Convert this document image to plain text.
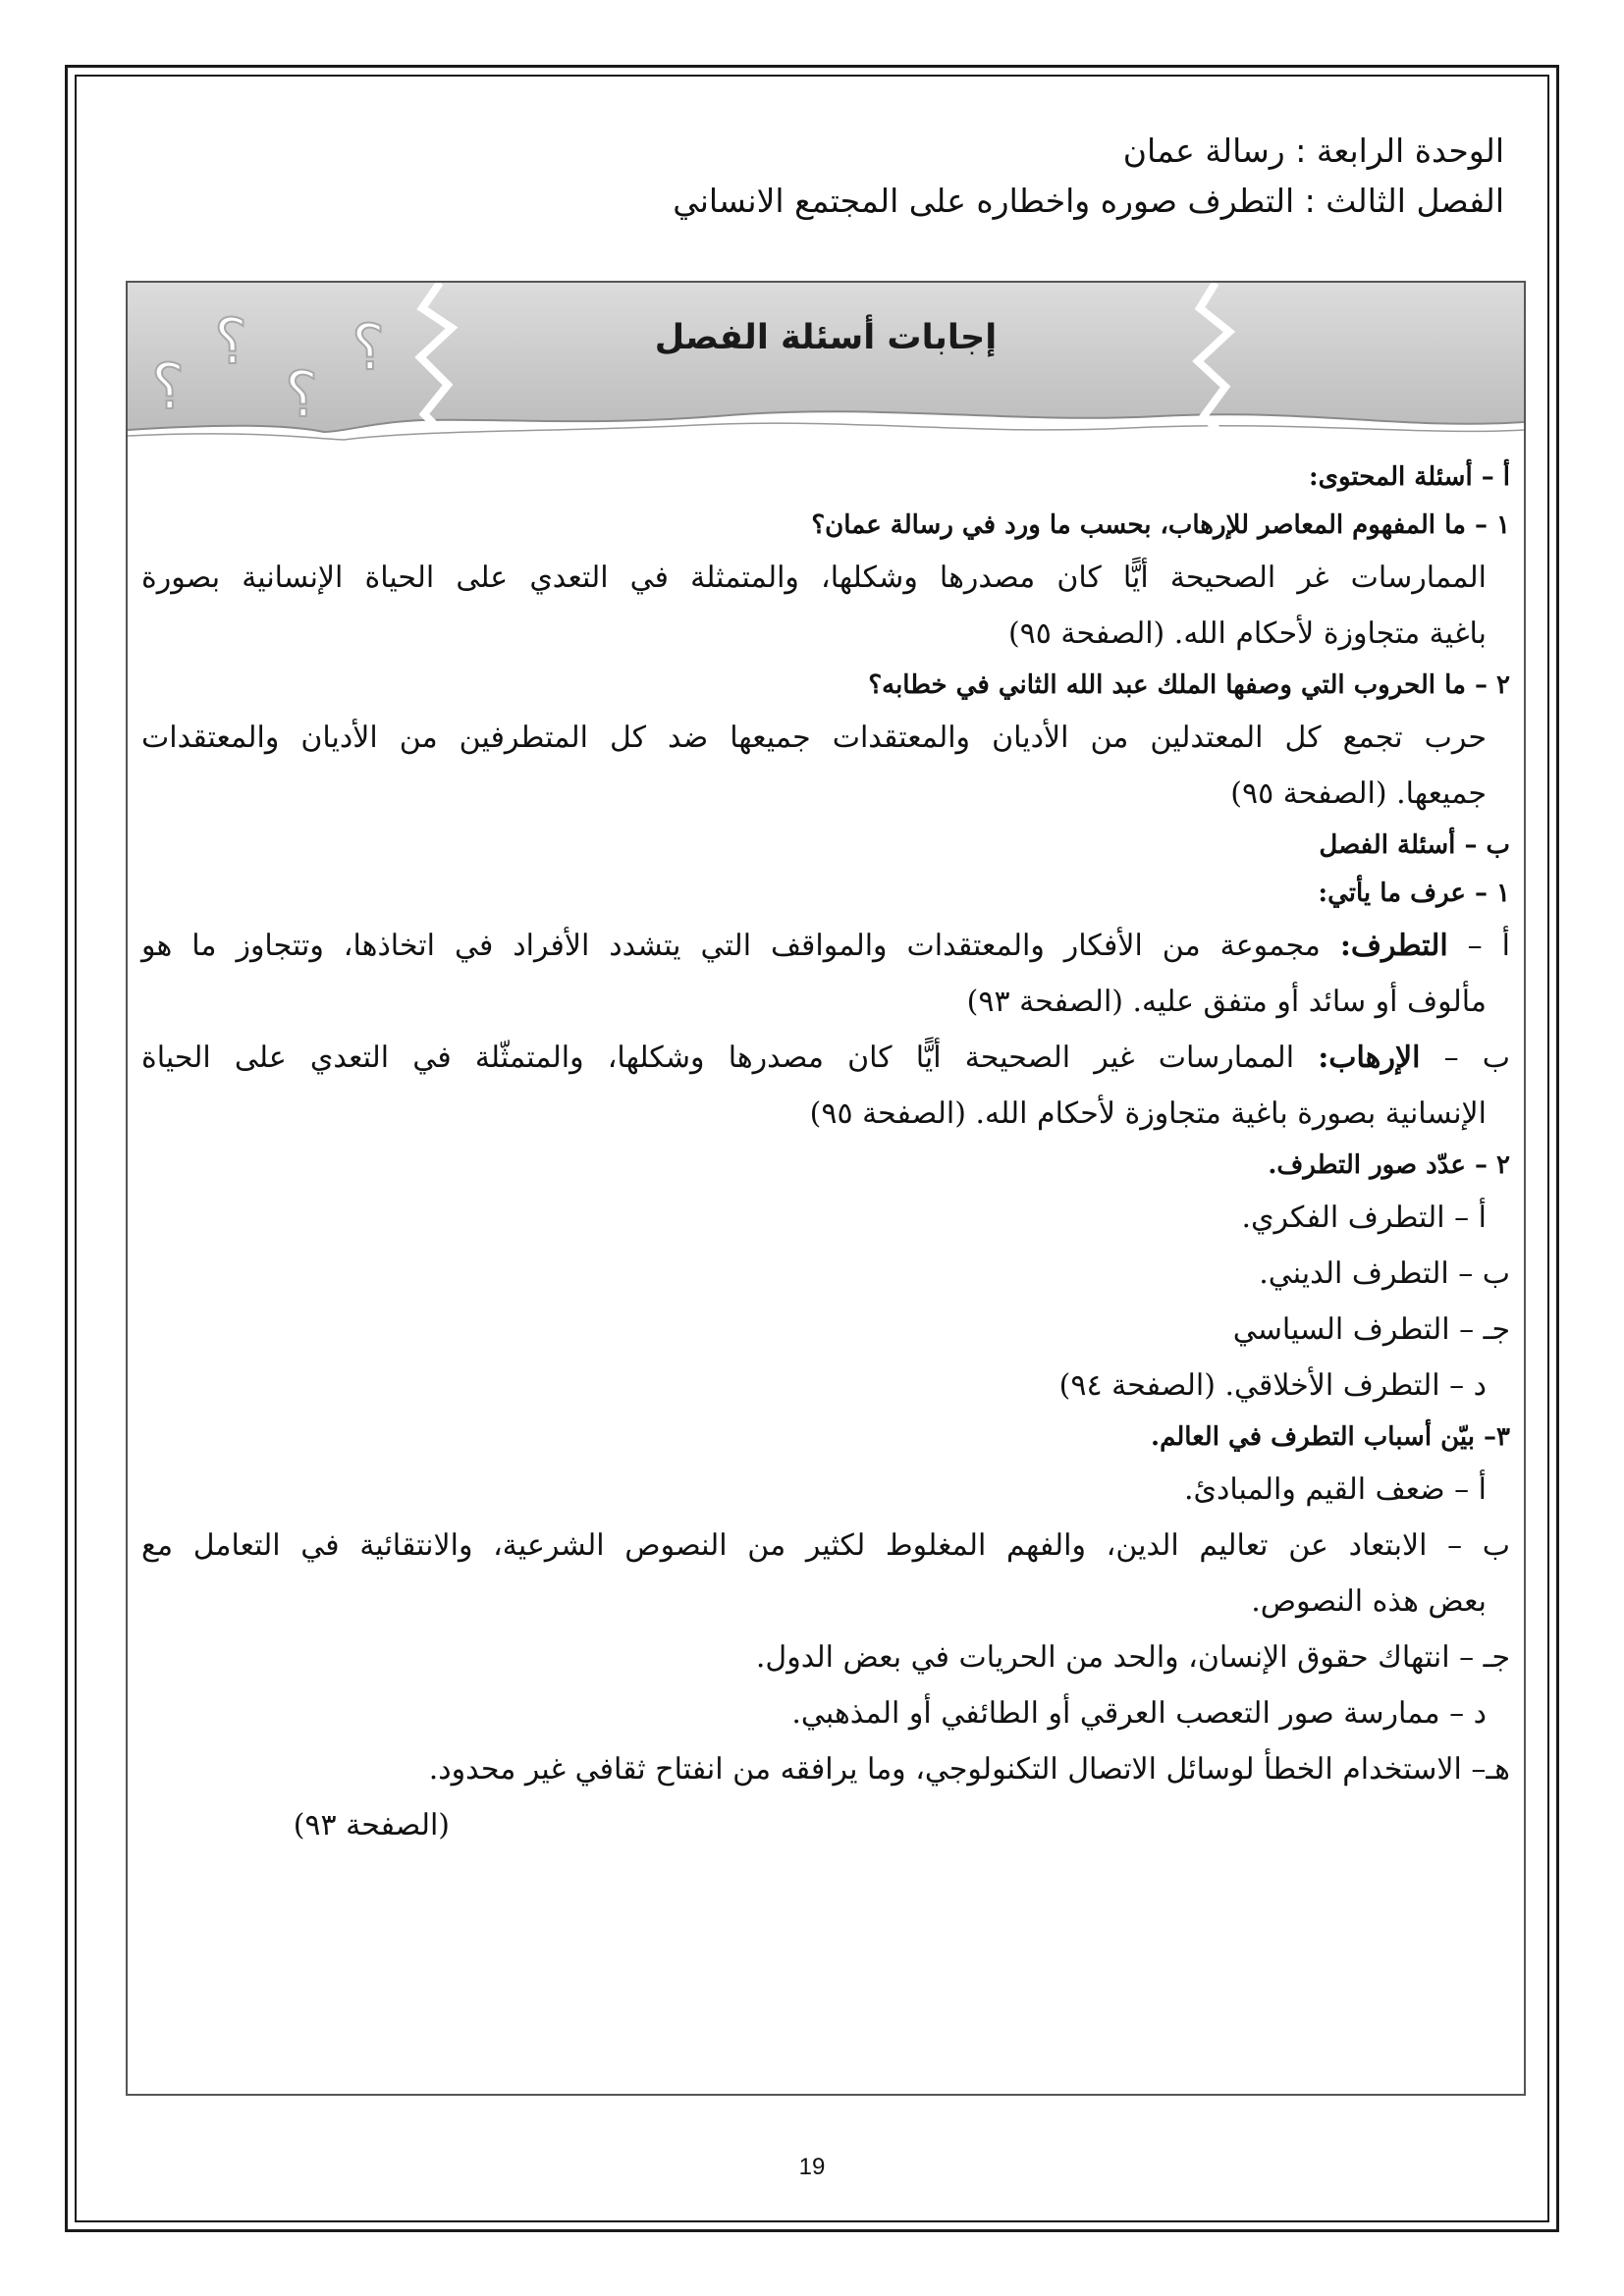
الوحدة الرابعة : رسالة عمان
الفصل الثالث : التطرف صوره واخطاره على المجتمع الانساني
؟
؟
؟
؟	إجابات أسئلة الفصل
أ – أسئلة المحتوى:
١ – ما المفهوم المعاصر للإرهاب، بحسب ما ورد في رسالة عمان؟
الممارسات غر الصحيحة أيًّا كان مصدرها وشكلها، والمتمثلة في التعدي على الحياة الإنسانية بصورة
باغية متجاوزة لأحكام الله. (الصفحة ٩٥)
٢ – ما الحروب التي وصفها الملك عبد الله الثاني في خطابه؟
حرب تجمع كل المعتدلين من الأديان والمعتقدات جميعها ضد كل المتطرفين من الأديان والمعتقدات
جميعها. (الصفحة ٩٥)
ب – أسئلة الفصل
١ – عرف ما يأتي:
أ – التطرف: مجموعة من الأفكار والمعتقدات والمواقف التي يتشدد الأفراد في اتخاذها، وتتجاوز ما هو
مألوف أو سائد أو متفق عليه. (الصفحة ٩٣)
ب – الإرهاب: الممارسات غير الصحيحة أيًّا كان مصدرها وشكلها، والمتمثّلة في التعدي على الحياة
الإنسانية بصورة باغية متجاوزة لأحكام الله. (الصفحة ٩٥)
٢ – عدّد صور التطرف.
أ – التطرف الفكري.
ب – التطرف الديني.
جـ – التطرف السياسي
د – التطرف الأخلاقي. (الصفحة ٩٤)
٣– بيّن أسباب التطرف في العالم.
أ – ضعف القيم والمبادئ.
ب – الابتعاد عن تعاليم الدين، والفهم المغلوط لكثير من النصوص الشرعية، والانتقائية في التعامل مع
بعض هذه النصوص.
جـ – انتهاك حقوق الإنسان، والحد من الحريات في بعض الدول.
د – ممارسة صور التعصب العرقي أو الطائفي أو المذهبي.
هـ– الاستخدام الخطأ لوسائل الاتصال التكنولوجي، وما يرافقه من انفتاح ثقافي غير محدود.
(الصفحة ٩٣)
19
